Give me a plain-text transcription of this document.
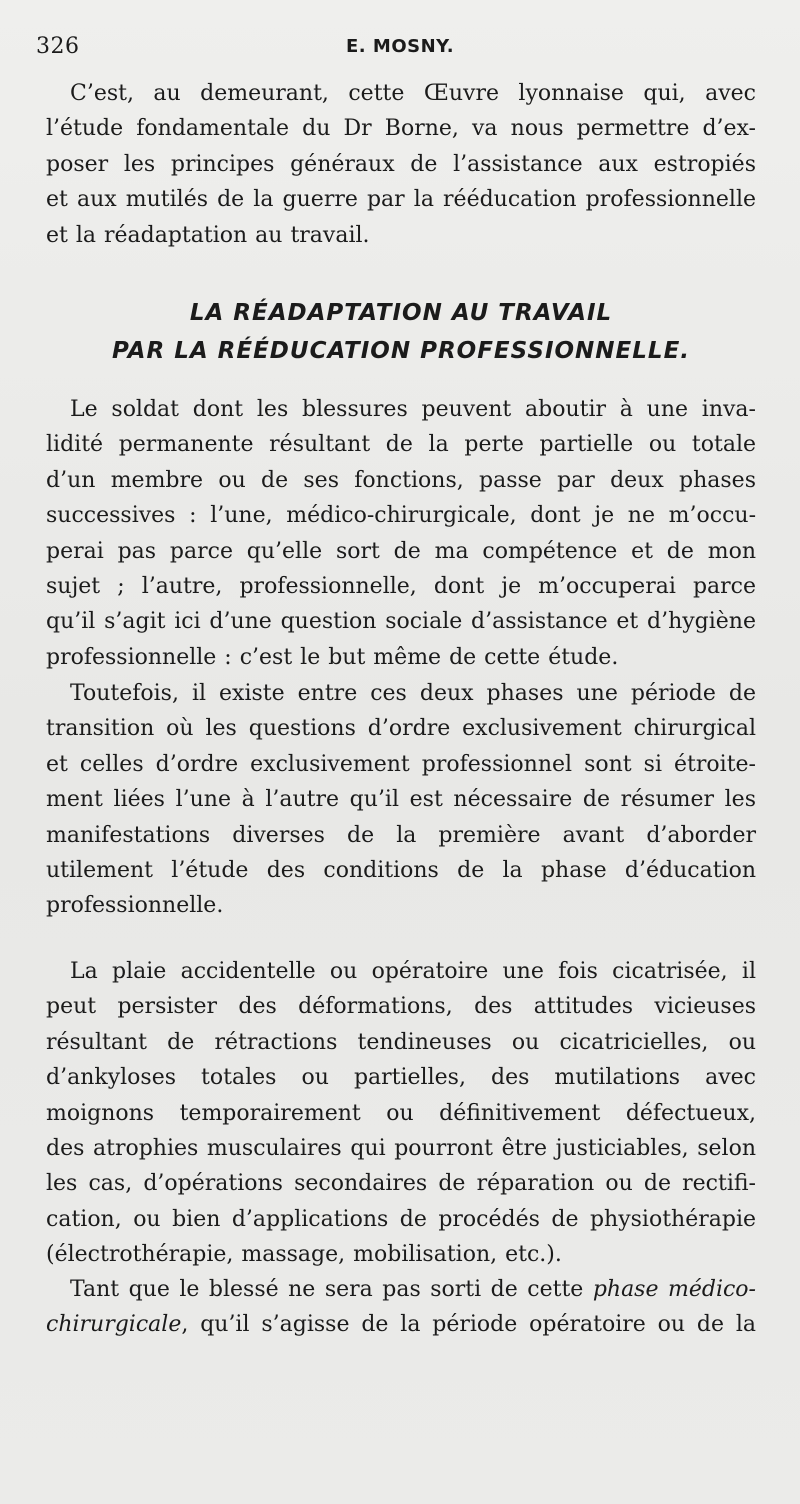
326	E. MOSNY.
C’est, au demeurant, cette Œuvre lyonnaise qui, avec
l’étude fondamentale du Dr Borne, va nous permettre d’ex-
poser les principes généraux de l’assistance aux estropiés
et aux mutilés de la guerre par la rééducation professionnelle
et la réadaptation au travail.
LA RÉADAPTATION AU TRAVAIL
PAR LA RÉÉDUCATION PROFESSIONNELLE.
Le soldat dont les blessures peuvent aboutir à une inva-
lidité permanente résultant de la perte partielle ou totale
d’un membre ou de ses fonctions, passe par deux phases
successives : l’une, médico-chirurgicale, dont je ne m’occu-
perai pas parce qu’elle sort de ma compétence et de mon
sujet ; l’autre, professionnelle, dont je m’occuperai parce
qu’il s’agit ici d’une question sociale d’assistance et d’hygiène
professionnelle : c’est le but même de cette étude.
Toutefois, il existe entre ces deux phases une période de
transition où les questions d’ordre exclusivement chirurgical
et celles d’ordre exclusivement professionnel sont si étroite-
ment liées l’une à l’autre qu’il est nécessaire de résumer les
manifestations diverses de la première avant d’aborder
utilement l’étude des conditions de la phase d’éducation
professionnelle.
La plaie accidentelle ou opératoire une fois cicatrisée, il
peut persister des déformations, des attitudes vicieuses
résultant de rétractions tendineuses ou cicatricielles, ou
d’ankyloses totales ou partielles, des mutilations avec
moignons temporairement ou définitivement défectueux,
des atrophies musculaires qui pourront être justiciables, selon
les cas, d’opérations secondaires de réparation ou de rectifi-
cation, ou bien d’applications de procédés de physiothérapie
(électrothérapie, massage, mobilisation, etc.).
Tant que le blessé ne sera pas sorti de cette phase médico-
chirurgicale, qu’il s’agisse de la période opératoire ou de la
